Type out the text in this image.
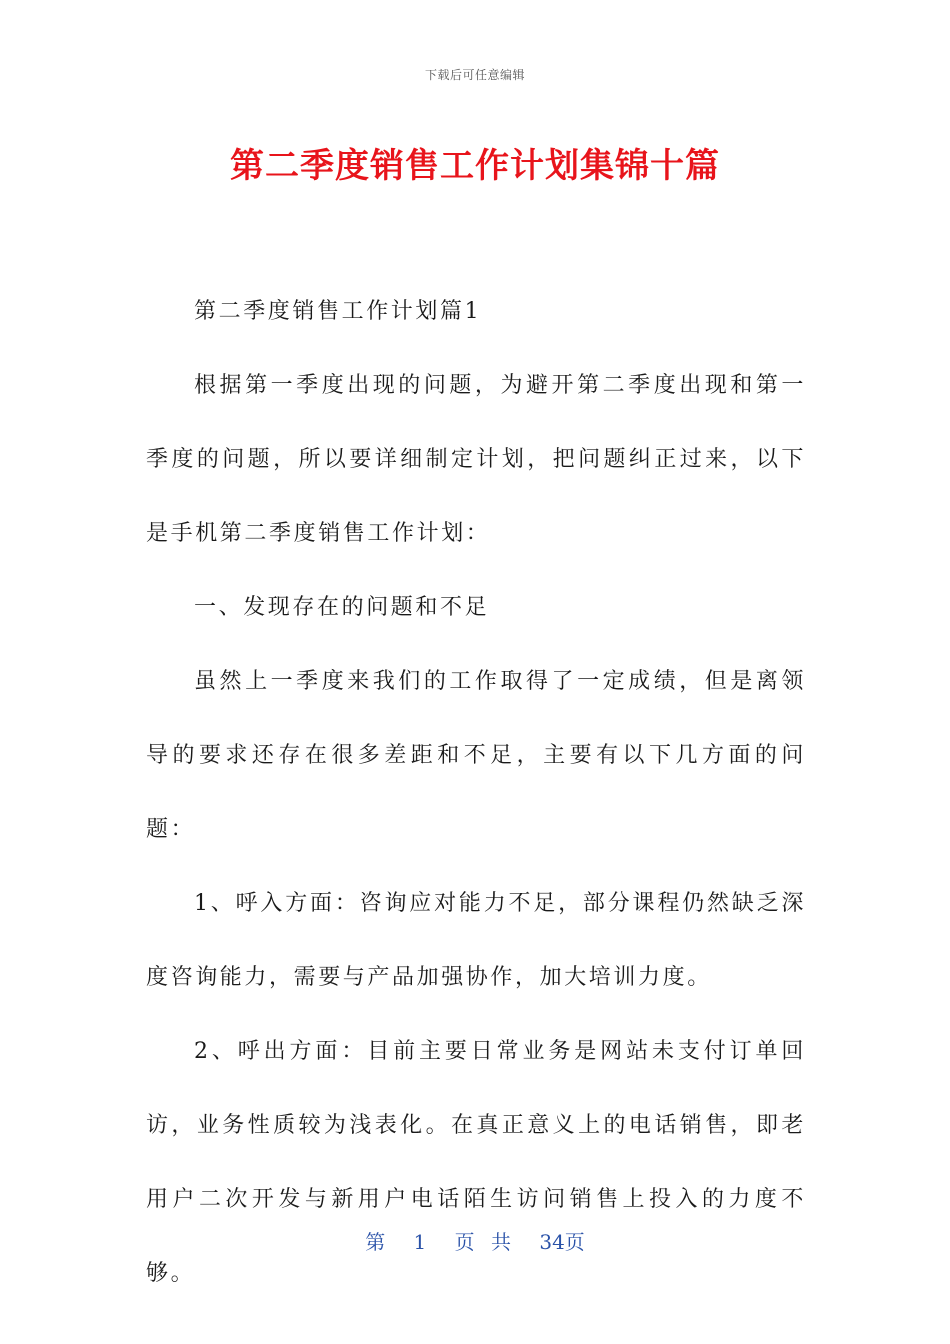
下载后可任意编辑
第二季度销售工作计划集锦十篇

第二季度销售工作计划篇1

根据第一季度出现的问题，为避开第二季度出现和第一季度的问题，所以要详细制定计划，把问题纠正过来，以下是手机第二季度销售工作计划：

一、发现存在的问题和不足

虽然上一季度来我们的工作取得了一定成绩，但是离领导的要求还存在很多差距和不足，主要有以下几方面的问题：

1、呼入方面：咨询应对能力不足，部分课程仍然缺乏深度咨询能力，需要与产品加强协作，加大培训力度。

2、呼出方面：目前主要日常业务是网站未支付订单回访，业务性质较为浅表化。在真正意义上的电话销售，即老用户二次开发与新用户电话陌生访问销售上投入的力度不够。

第 1 页 共 34页
